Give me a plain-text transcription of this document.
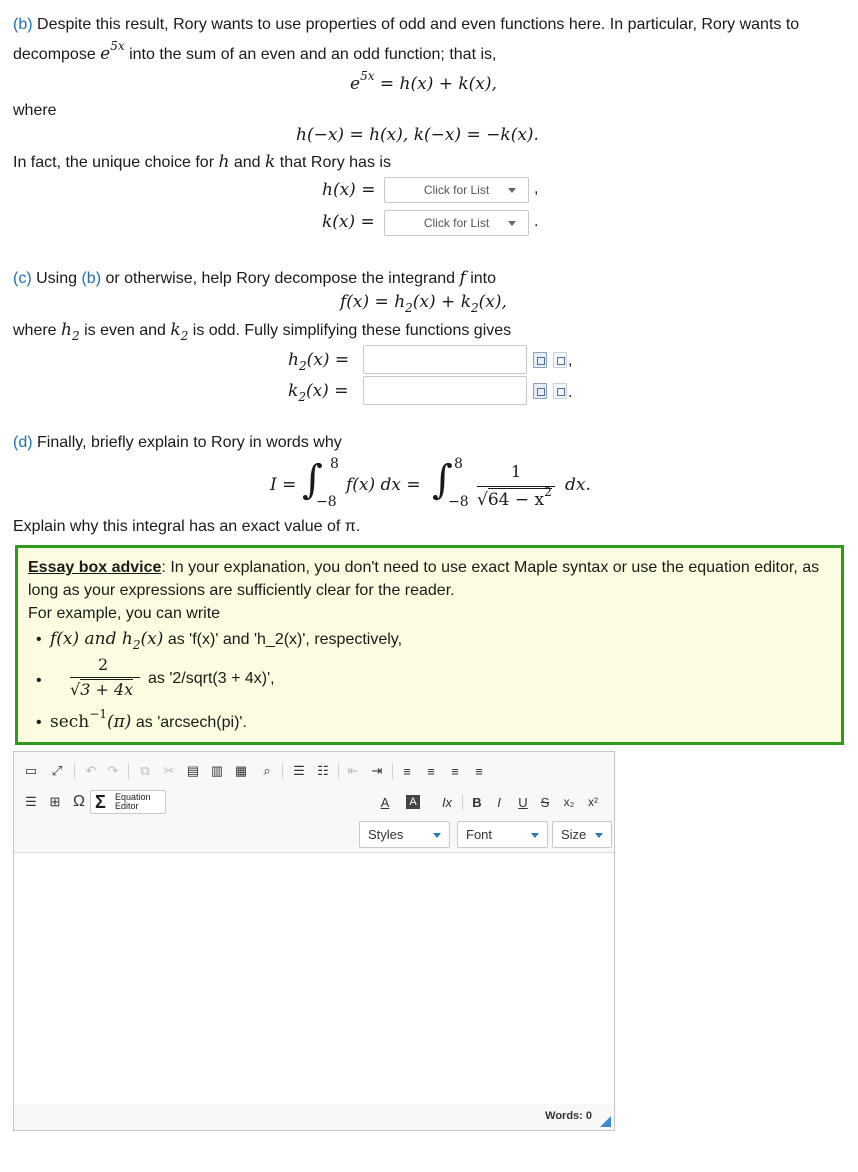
(b) Despite this result, Rory wants to use properties of odd and even functions here. In particular, Rory wants to
decompose $e^{5x}$ into the sum of an even and an odd function; that is,
$e^{5x} = h(x) + k(x)$,
where
h(−x) = h(x), k(−x) = −k(x).
In fact, the unique choice for h and k that Rory has is
h(x) =	Click for List	,
k(x) =	Click for List	.
(c) Using (b) or otherwise, help Rory decompose the integrand f into
$f(x) = h_2(x) + k_2(x)$,
where $h_2$ is even and $k_2$ is odd. Fully simplifying these functions gives
$h_2(x)$ =	,
$k_2(x)$ =	.
(d) Finally, briefly explain to Rory in words why
I = ∫ 8
−8
f(x) dx = ∫ 8
−8
1
$√64 - x^2$ dx.
Explain why this integral has an exact value of π.
Essay box advice: In your explanation, you don't need to use exact Maple syntax or use the equation editor, as
long as your expressions are sufficiently clear for the reader.
For example, you can write
• f(x) and $h_2(x)$ as 'f(x)' and 'h_2(x)', respectively,
•
2
√3 + 4x
as '2/sqrt(3 + 4x)',
• sech$^{-1}$(π) as 'arcsech(pi)'.
▭ ⤢ ↶ ↷	⧉	✂ ▤ ▥ ▦	⌕	☰ ☷ ⇤ ⇥	≡	≡	≡	≡
☰ ⊞ Ω Σ Equation
Editor	A	A	Ix	B	I	U S	x₂	x²
Styles	Font	Size
Words: 0
